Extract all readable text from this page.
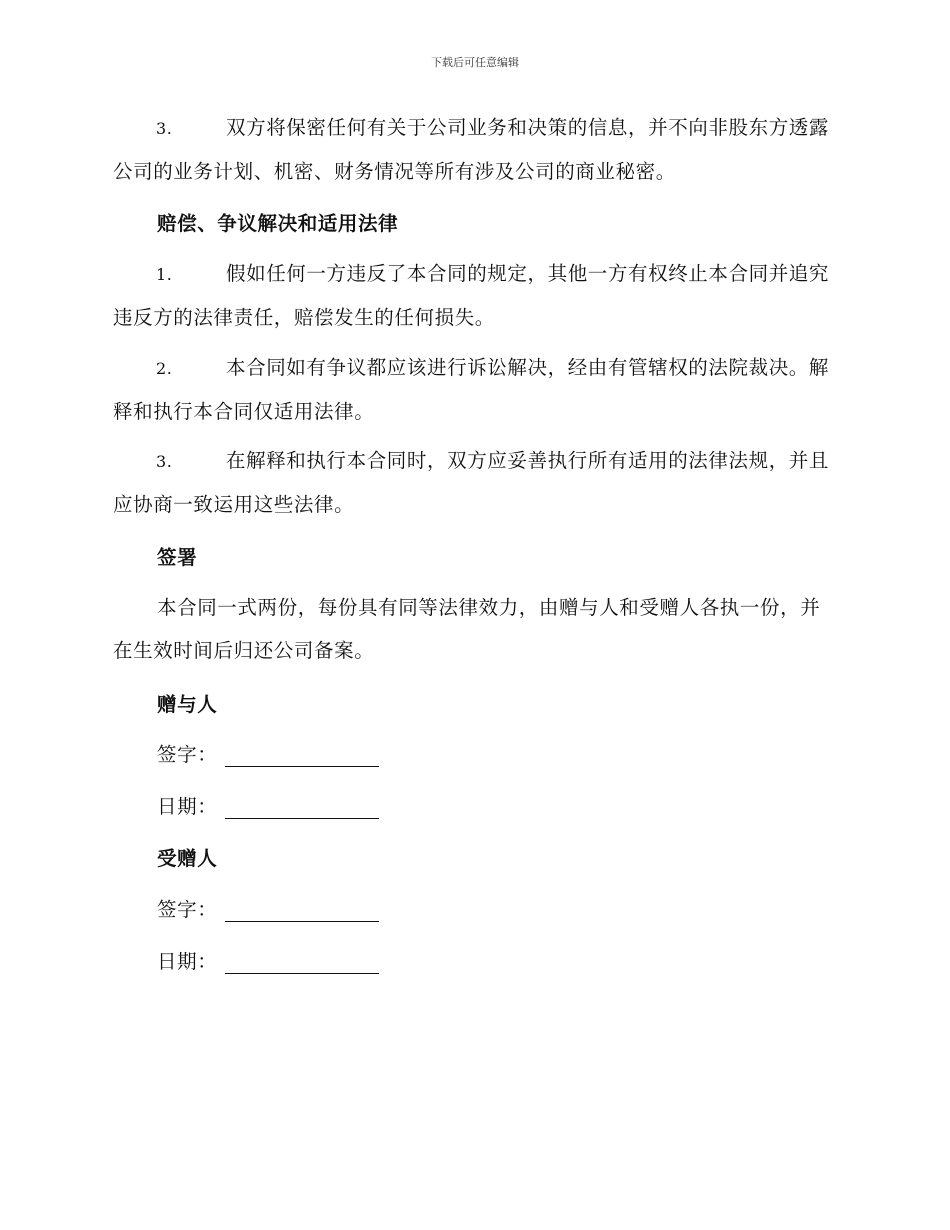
下载后可任意编辑
3.	双方将保密任何有关于公司业务和决策的信息，并不向非股东方透露公司的业务计划、机密、财务情况等所有涉及公司的商业秘密。
赔偿、争议解决和适用法律
1.	假如任何一方违反了本合同的规定，其他一方有权终止本合同并追究违反方的法律责任，赔偿发生的任何损失。
2.	本合同如有争议都应该进行诉讼解决，经由有管辖权的法院裁决。解释和执行本合同仅适用法律。
3.	在解释和执行本合同时，双方应妥善执行所有适用的法律法规，并且应协商一致运用这些法律。
签署
本合同一式两份，每份具有同等法律效力，由赠与人和受赠人各执一份，并在生效时间后归还公司备案。
赠与人
签字：
日期：
受赠人
签字：
日期：
